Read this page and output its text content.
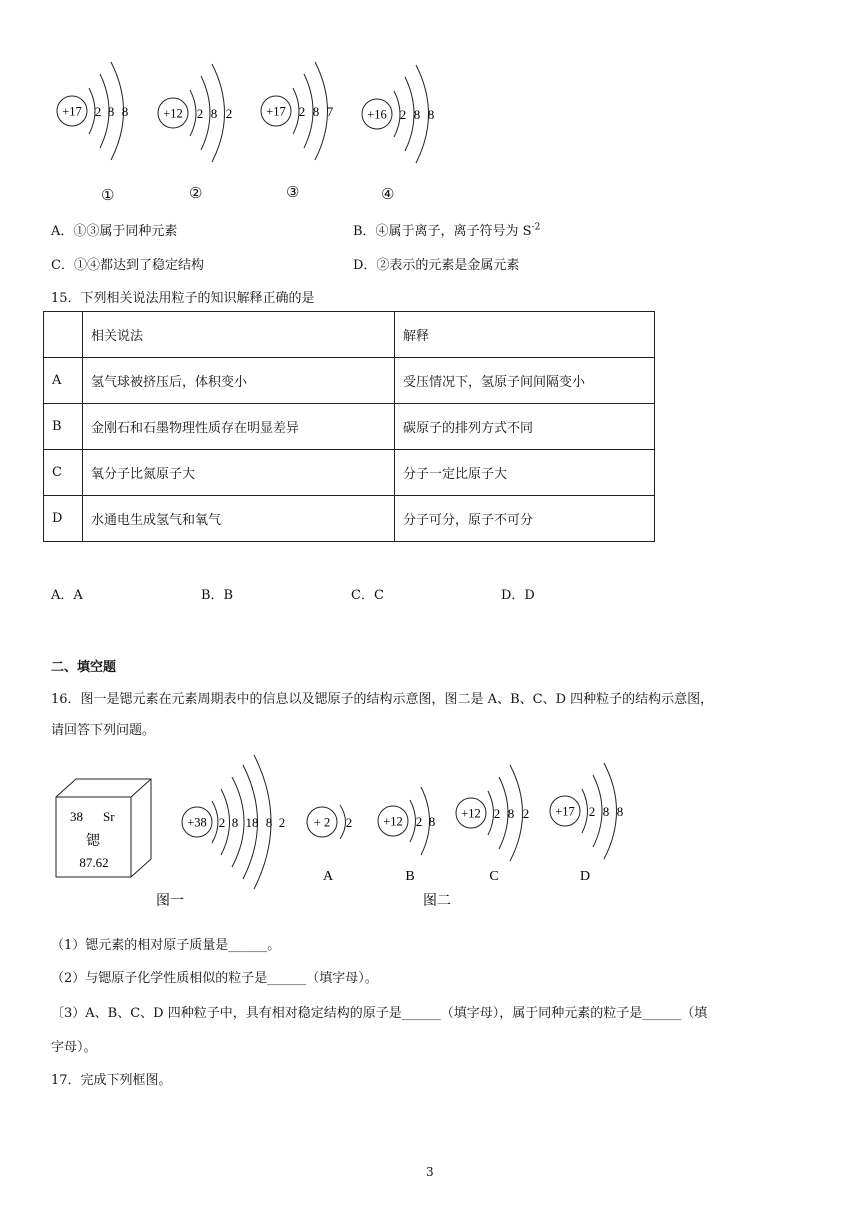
+17 2 8 8	+12 2 8 2	+17 2 8 7	+16 2 8 8
①	②	③	④
A．①③属于同种元素	B．④属于离子，离子符号为 $S^{-2}$
C．①④都达到了稳定结构	D．②表示的元素是金属元素
15．下列相关说法用粒子的知识解释正确的是
	相关说法	解释
A	氢气球被挤压后，体积变小	受压情况下，氢原子间间隔变小
B	金刚石和石墨物理性质存在明显差异	碳原子的排列方式不同
C	氧分子比氮原子大	分子一定比原子大
D	水通电生成氢气和氧气	分子可分，原子不可分
A．A	B．B	C．C	D．D
二、填空题
16．图一是锶元素在元素周期表中的信息以及锶原子的结构示意图，图二是 A、B、C、D 四种粒子的结构示意图，
请回答下列问题。
38 Sr
锶
87.62
+38 2 8 18 8 2 + 2 2
A
+12 2 8
B
+12 2 8 2
C
+17 2 8 8
D
图一	图二
（1）锶元素的相对原子质量是______。
（2）与锶原子化学性质相似的粒子是______（填字母）。
〔3）A、B、C、D 四种粒子中，具有相对稳定结构的原子是______（填字母），属于同种元素的粒子是______（填
字母）。
17．完成下列框图。
3
